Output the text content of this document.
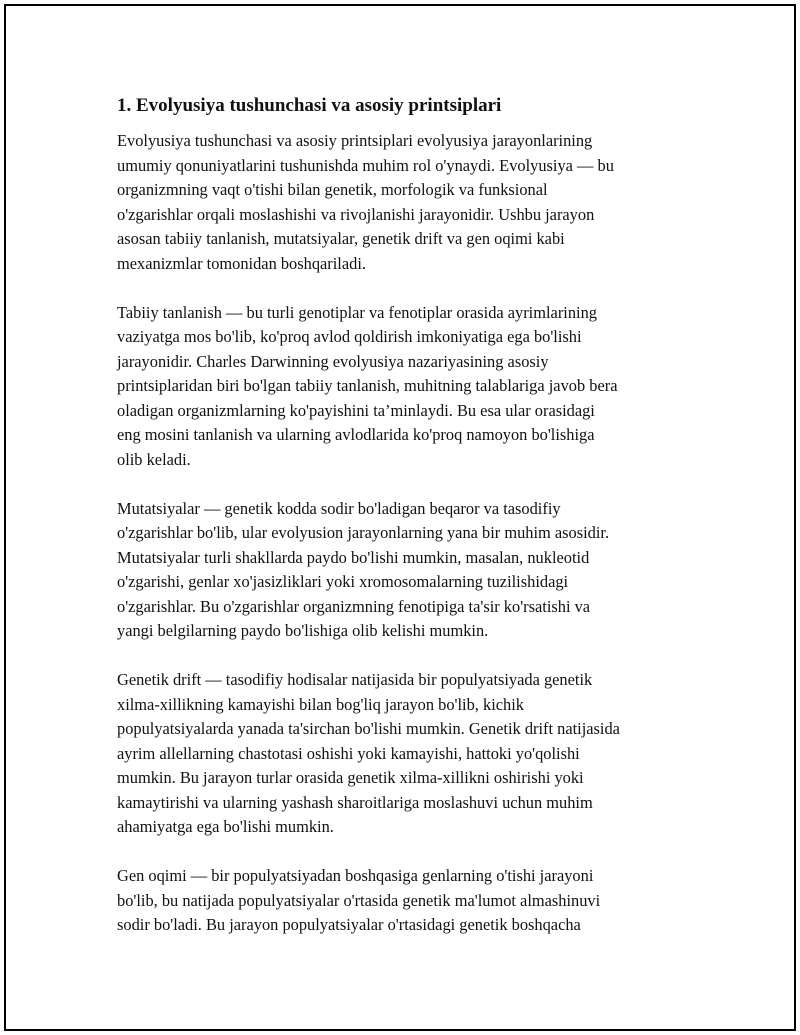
1. Evolyusiya tushunchasi va asosiy printsiplari

Evolyusiya tushunchasi va asosiy printsiplari evolyusiya jarayonlarining
umumiy qonuniyatlarini tushunishda muhim rol o'ynaydi. Evolyusiya — bu
organizmning vaqt o'tishi bilan genetik, morfologik va funksional
o'zgarishlar orqali moslashishi va rivojlanishi jarayonidir. Ushbu jarayon
asosan tabiiy tanlanish, mutatsiyalar, genetik drift va gen oqimi kabi
mexanizmlar tomonidan boshqariladi.

Tabiiy tanlanish — bu turli genotiplar va fenotiplar orasida ayrimlarining
vaziyatga mos bo'lib, ko'proq avlod qoldirish imkoniyatiga ega bo'lishi
jarayonidir. Charles Darwinning evolyusiya nazariyasining asosiy
printsiplaridan biri bo'lgan tabiiy tanlanish, muhitning talablariga javob bera
oladigan organizmlarning ko'payishini ta’minlaydi. Bu esa ular orasidagi
eng mosini tanlanish va ularning avlodlarida ko'proq namoyon bo'lishiga
olib keladi.

Mutatsiyalar — genetik kodda sodir bo'ladigan beqaror va tasodifiy
o'zgarishlar bo'lib, ular evolyusion jarayonlarning yana bir muhim asosidir.
Mutatsiyalar turli shakllarda paydo bo'lishi mumkin, masalan, nukleotid
o'zgarishi, genlar xo'jasizliklari yoki xromosomalarning tuzilishidagi
o'zgarishlar. Bu o'zgarishlar organizmning fenotipiga ta'sir ko'rsatishi va
yangi belgilarning paydo bo'lishiga olib kelishi mumkin.

Genetik drift — tasodifiy hodisalar natijasida bir populyatsiyada genetik
xilma-xillikning kamayishi bilan bog'liq jarayon bo'lib, kichik
populyatsiyalarda yanada ta'sirchan bo'lishi mumkin. Genetik drift natijasida
ayrim allellarning chastotasi oshishi yoki kamayishi, hattoki yo'qolishi
mumkin. Bu jarayon turlar orasida genetik xilma-xillikni oshirishi yoki
kamaytirishi va ularning yashash sharoitlariga moslashuvi uchun muhim
ahamiyatga ega bo'lishi mumkin.

Gen oqimi — bir populyatsiyadan boshqasiga genlarning o'tishi jarayoni
bo'lib, bu natijada populyatsiyalar o'rtasida genetik ma'lumot almashinuvi
sodir bo'ladi. Bu jarayon populyatsiyalar o'rtasidagi genetik boshqacha
